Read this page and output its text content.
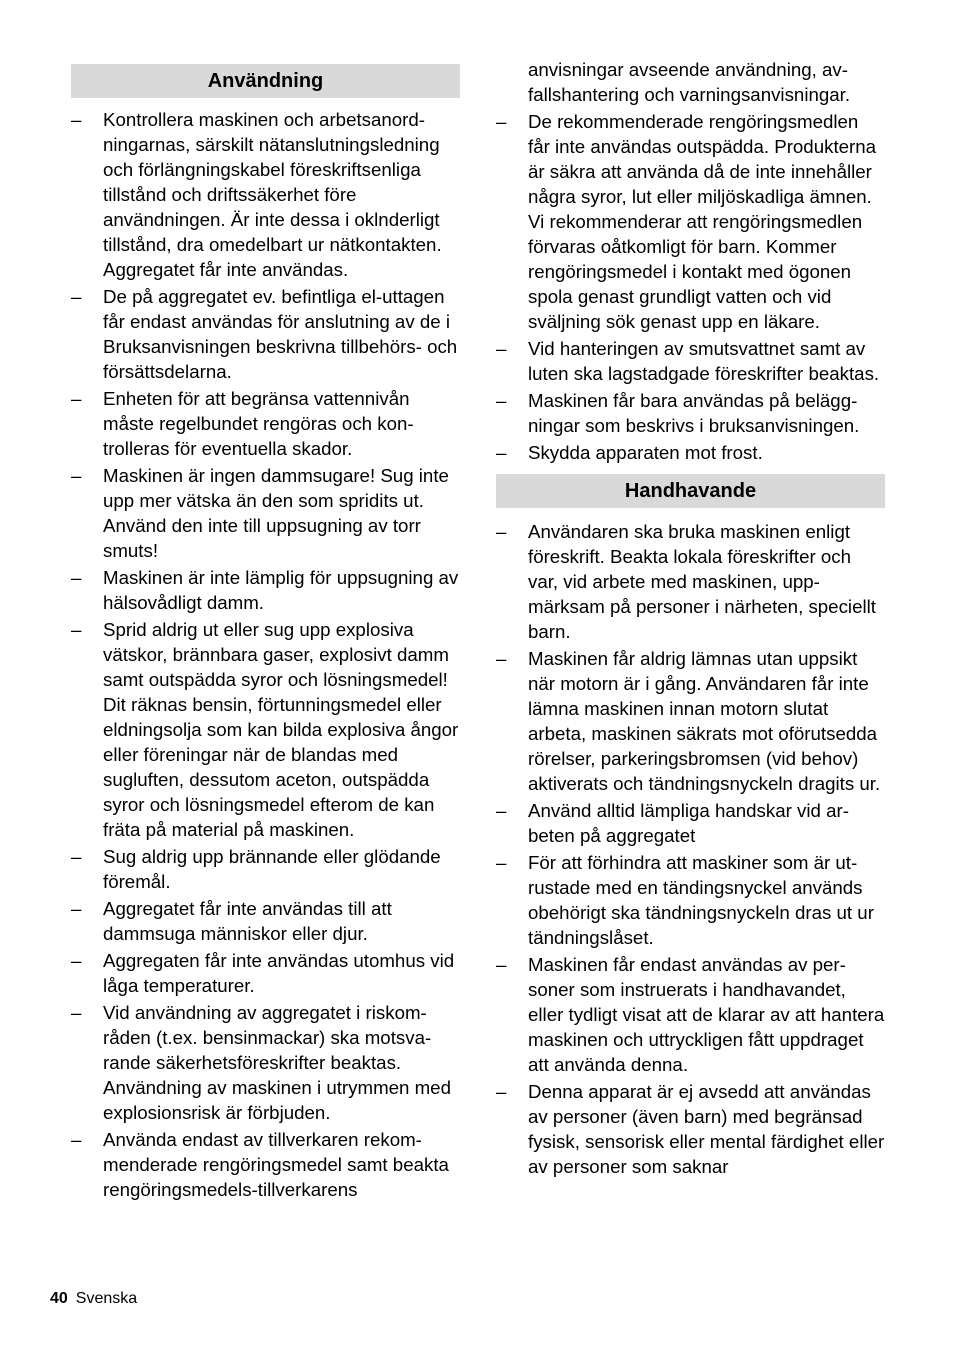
Användning
– Kontrollera maskinen och arbetsanordningarnas, särskilt nätanslutningsledning och förlängningskabel föreskriftsenliga tillstånd och driftssäkerhet före användningen. Är inte dessa i oklnderligt tillstånd, dra omedelbart ur nätkontakten. Aggregatet får inte användas.
– De på aggregatet ev. befintliga el-uttagen får endast användas för anslutning av de i Bruksanvisningen beskrivna tillbehörs- och försättsdelarna.
– Enheten för att begränsa vattennivån måste regelbundet rengöras och kontrolleras för eventuella skador.
– Maskinen är ingen dammsugare! Sug inte upp mer vätska än den som spridits ut. Använd den inte till uppsugning av torr smuts!
– Maskinen är inte lämplig för uppsugning av hälsovådligt damm.
– Sprid aldrig ut eller sug upp explosiva vätskor, brännbara gaser, explosivt damm samt outspädda syror och lösningsmedel! Dit räknas bensin, förtunningsmedel eller eldningsolja som kan bilda explosiva ångor eller föreningar när de blandas med sugluften, dessutom aceton, outspädda syror och lösningsmedel efterom de kan fräta på material på maskinen.
– Sug aldrig upp brännande eller glödande föremål.
– Aggregatet får inte användas till att dammsuga människor eller djur.
– Aggregaten får inte användas utomhus vid låga temperaturer.
– Vid användning av aggregatet i riskområden (t.ex. bensinmackar) ska motsvarande säkerhetsföreskrifter beaktas. Användning av maskinen i utrymmen med explosionsrisk är förbjuden.
– Använda endast av tillverkaren rekommenderade rengöringsmedel samt beakta rengöringsmedels-tillverkarens
anvisningar avseende användning, avfallshantering och varningsanvisningar.
– De rekommenderade rengöringsmedlen får inte användas outspädda. Produkterna är säkra att använda då de inte innehåller några syror, lut eller miljöskadliga ämnen. Vi rekommenderar att rengöringsmedlen förvaras oåtkomligt för barn. Kommer rengöringsmedel i kontakt med ögonen spola genast grundligt vatten och vid sväljning sök genast upp en läkare.
– Vid hanteringen av smutsvattnet samt av luten ska lagstadgade föreskrifter beaktas.
– Maskinen får bara användas på beläggningar som beskrivs i bruksanvisningen.
– Skydda apparaten mot frost.
Handhavande
– Användaren ska bruka maskinen enligt föreskrift. Beakta lokala föreskrifter och var, vid arbete med maskinen, uppmärksam på personer i närheten, speciellt barn.
– Maskinen får aldrig lämnas utan uppsikt när motorn är i gång. Användaren får inte lämna maskinen innan motorn slutat arbeta, maskinen säkrats mot oförutsedda rörelser, parkeringsbromsen (vid behov) aktiverats och tändningsnyckeln dragits ur.
– Använd alltid lämpliga handskar vid arbeten på aggregatet
– För att förhindra att maskiner som är utrustade med en tändingsnyckel används obehörigt ska tändningsnyckeln dras ut ur tändningslåset.
– Maskinen får endast användas av personer som instruerats i handhavandet, eller tydligt visat att de klarar av att hantera maskinen och uttryckligen fått uppdraget att använda denna.
– Denna apparat är ej avsedd att användas av personer (även barn) med begränsad fysisk, sensorisk eller mental färdighet eller av personer som saknar
40 Svenska
